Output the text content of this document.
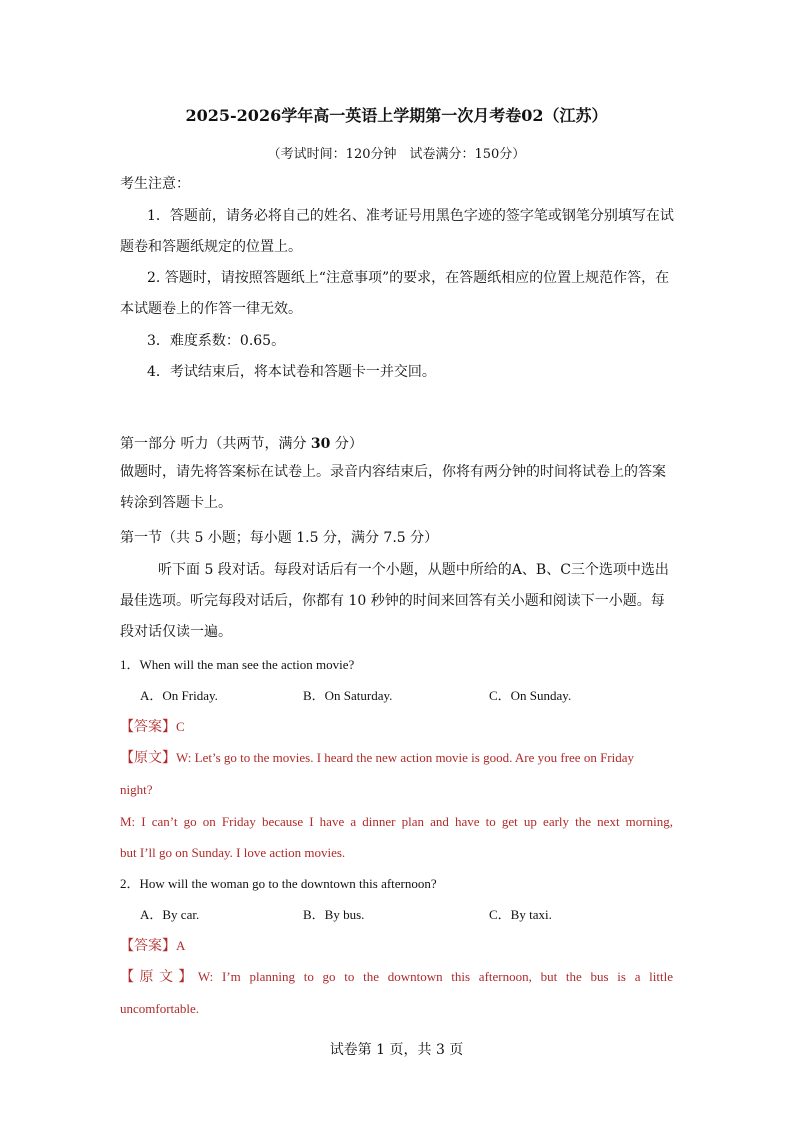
2025-2026学年高一英语上学期第一次月考卷02（江苏）
（考试时间：120分钟　试卷满分：150分）
考生注意：
1．答题前，请务必将自己的姓名、准考证号用黑色字迹的签字笔或钢笔分别填写在试题卷和答题纸规定的位置上。
2. 答题时，请按照答题纸上“注意事项”的要求，在答题纸相应的位置上规范作答，在本试题卷上的作答一律无效。
3．难度系数：0.65。
4．考试结束后，将本试卷和答题卡一并交回。
第一部分 听力（共两节，满分 30 分）
做题时，请先将答案标在试卷上。录音内容结束后，你将有两分钟的时间将试卷上的答案转涂到答题卡上。
第一节（共 5 小题；每小题 1.5 分，满分 7.5 分）
听下面 5 段对话。每段对话后有一个小题，从题中所给的A、B、C三个选项中选出最佳选项。听完每段对话后，你都有 10 秒钟的时间来回答有关小题和阅读下一小题。每段对话仅读一遍。
1．When will the man see the action movie?
A．On Friday.	B．On Saturday.	C．On Sunday.
【答案】C
【原文】W: Let’s go to the movies. I heard the new action movie is good. Are you free on Friday
night?
M: I can’t go on Friday because I have a dinner plan and have to get up early the next morning,
but I’ll go on Sunday. I love action movies.
2．How will the woman go to the downtown this afternoon?
A．By car.	B．By bus.	C．By taxi.
【答案】A
【原文】W: I’m planning to go to the downtown this afternoon, but the bus is a little
uncomfortable.
试卷第 1 页，共 3 页
